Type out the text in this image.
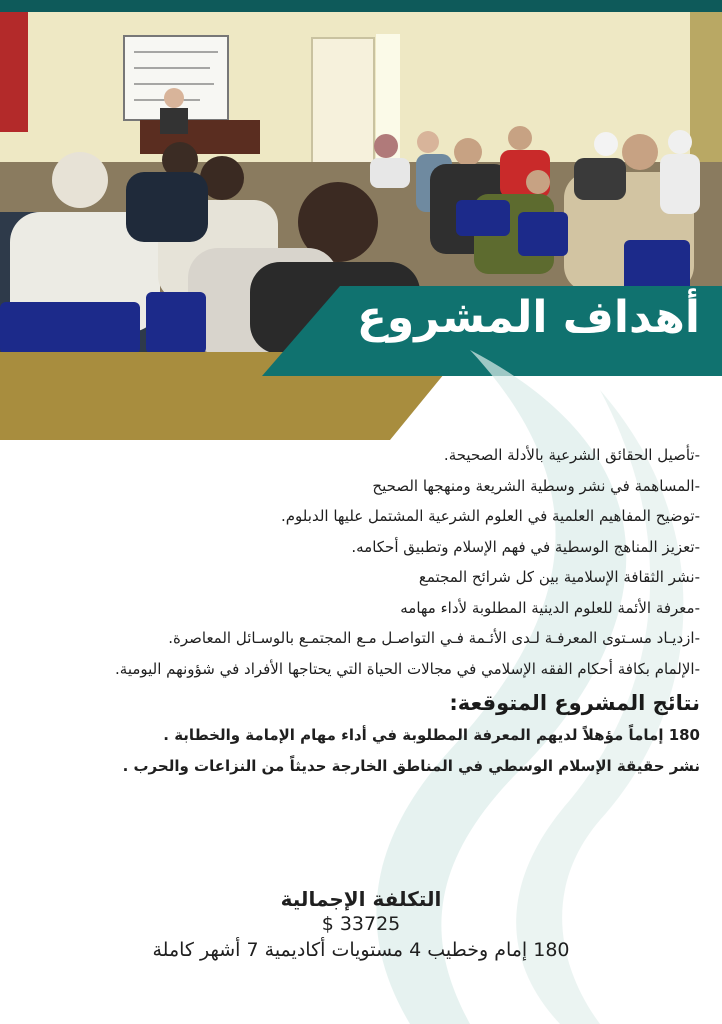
أهداف المشروع

-تأصيل الحقائق الشرعية بالأدلة الصحيحة.

-المساهمة في نشر وسطية الشريعة ومنهجها الصحيح

-توضيح المفاهيم العلمية في العلوم الشرعية المشتمل عليها الدبلوم.

-تعزيز المناهج الوسطية في فهم الإسلام وتطبيق أحكامه.

-نشر الثقافة الإسلامية بين كل شرائح المجتمع

-معرفة الأئمة للعلوم الدينية المطلوبة لأداء مهامه

-ازديـاد مسـتوى المعرفـة لـدى الأئـمة فـي التواصـل مـع المجتمـع بالوسـائل المعاصرة.

-الإلمام بكافة أحكام الفقه الإسلامي في مجالات الحياة التي يحتاجها الأفراد في شؤونهم اليومية.

نتائج المشروع المتوقعة:

180 إماماً مؤهلاً لديهم المعرفة المطلوبة في أداء مهام الإمامة والخطابة .

نشر حقيقة الإسلام الوسطي في المناطق الخارجة حديثاً من النزاعات والحرب .

التكلفة الإجمالية
$ 33725
180 إمام وخطيب 4 مستويات أكاديمية 7 أشهر كاملة
